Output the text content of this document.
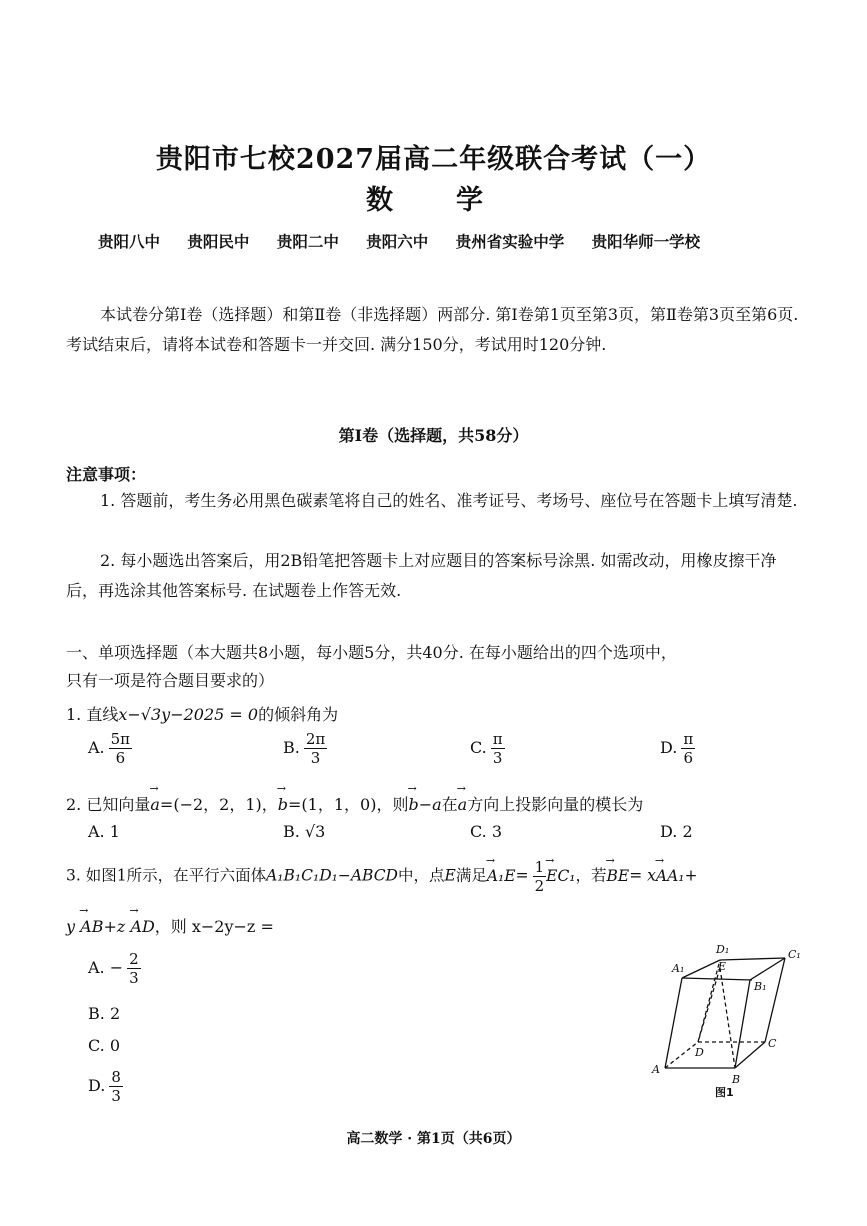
贵阳市七校2027届高二年级联合考试（一）
数　学
贵阳八中 贵阳民中 贵阳二中 贵阳六中 贵州省实验中学 贵阳华师一学校
本试卷分第Ⅰ卷（选择题）和第Ⅱ卷（非选择题）两部分. 第Ⅰ卷第1页至第3页，第Ⅱ卷第3页至第6页. 考试结束后，请将本试卷和答题卡一并交回. 满分150分，考试用时120分钟.
第Ⅰ卷（选择题，共58分）
注意事项：
1. 答题前，考生务必用黑色碳素笔将自己的姓名、准考证号、考场号、座位号在答题卡上填写清楚.
2. 每小题选出答案后，用2B铅笔把答题卡上对应题目的答案标号涂黑. 如需改动，用橡皮擦干净后，再选涂其他答案标号. 在试题卷上作答无效.
一、单项选择题（本大题共8小题，每小题5分，共40分. 在每小题给出的四个选项中，
只有一项是符合题目要求的）
1. 直线x−√3y−2025 = 0的倾斜角为
A. $\frac{5\pi}{6}$	B. $\frac{2\pi}{3}$	C. $\frac{\pi}{3}$	D. $\frac{\pi}{6}$
2. 已知向量→ a=(−2，2，1)，→ b=(1，1，0)，则→ b−a在→ a方向上投影向量的模长为
A. 1	B. √3	C. 3	D. 2
3. 如图1所示，在平行六面体A₁B₁C₁D₁−ABCD中，点E满足→ $A_1E= \frac{1}{2}$
→ EC₁，若→ BE= x→ AA₁+
y → AB+z → AD，则 x−2y−z =
A. − $\frac{2}{3}$
B. 2
C. 0
D. $\frac{8}{3}$	A
B
C
D
A₁
B₁
C₁
D₁
E
图1
高二数学 · 第1页（共6页）
